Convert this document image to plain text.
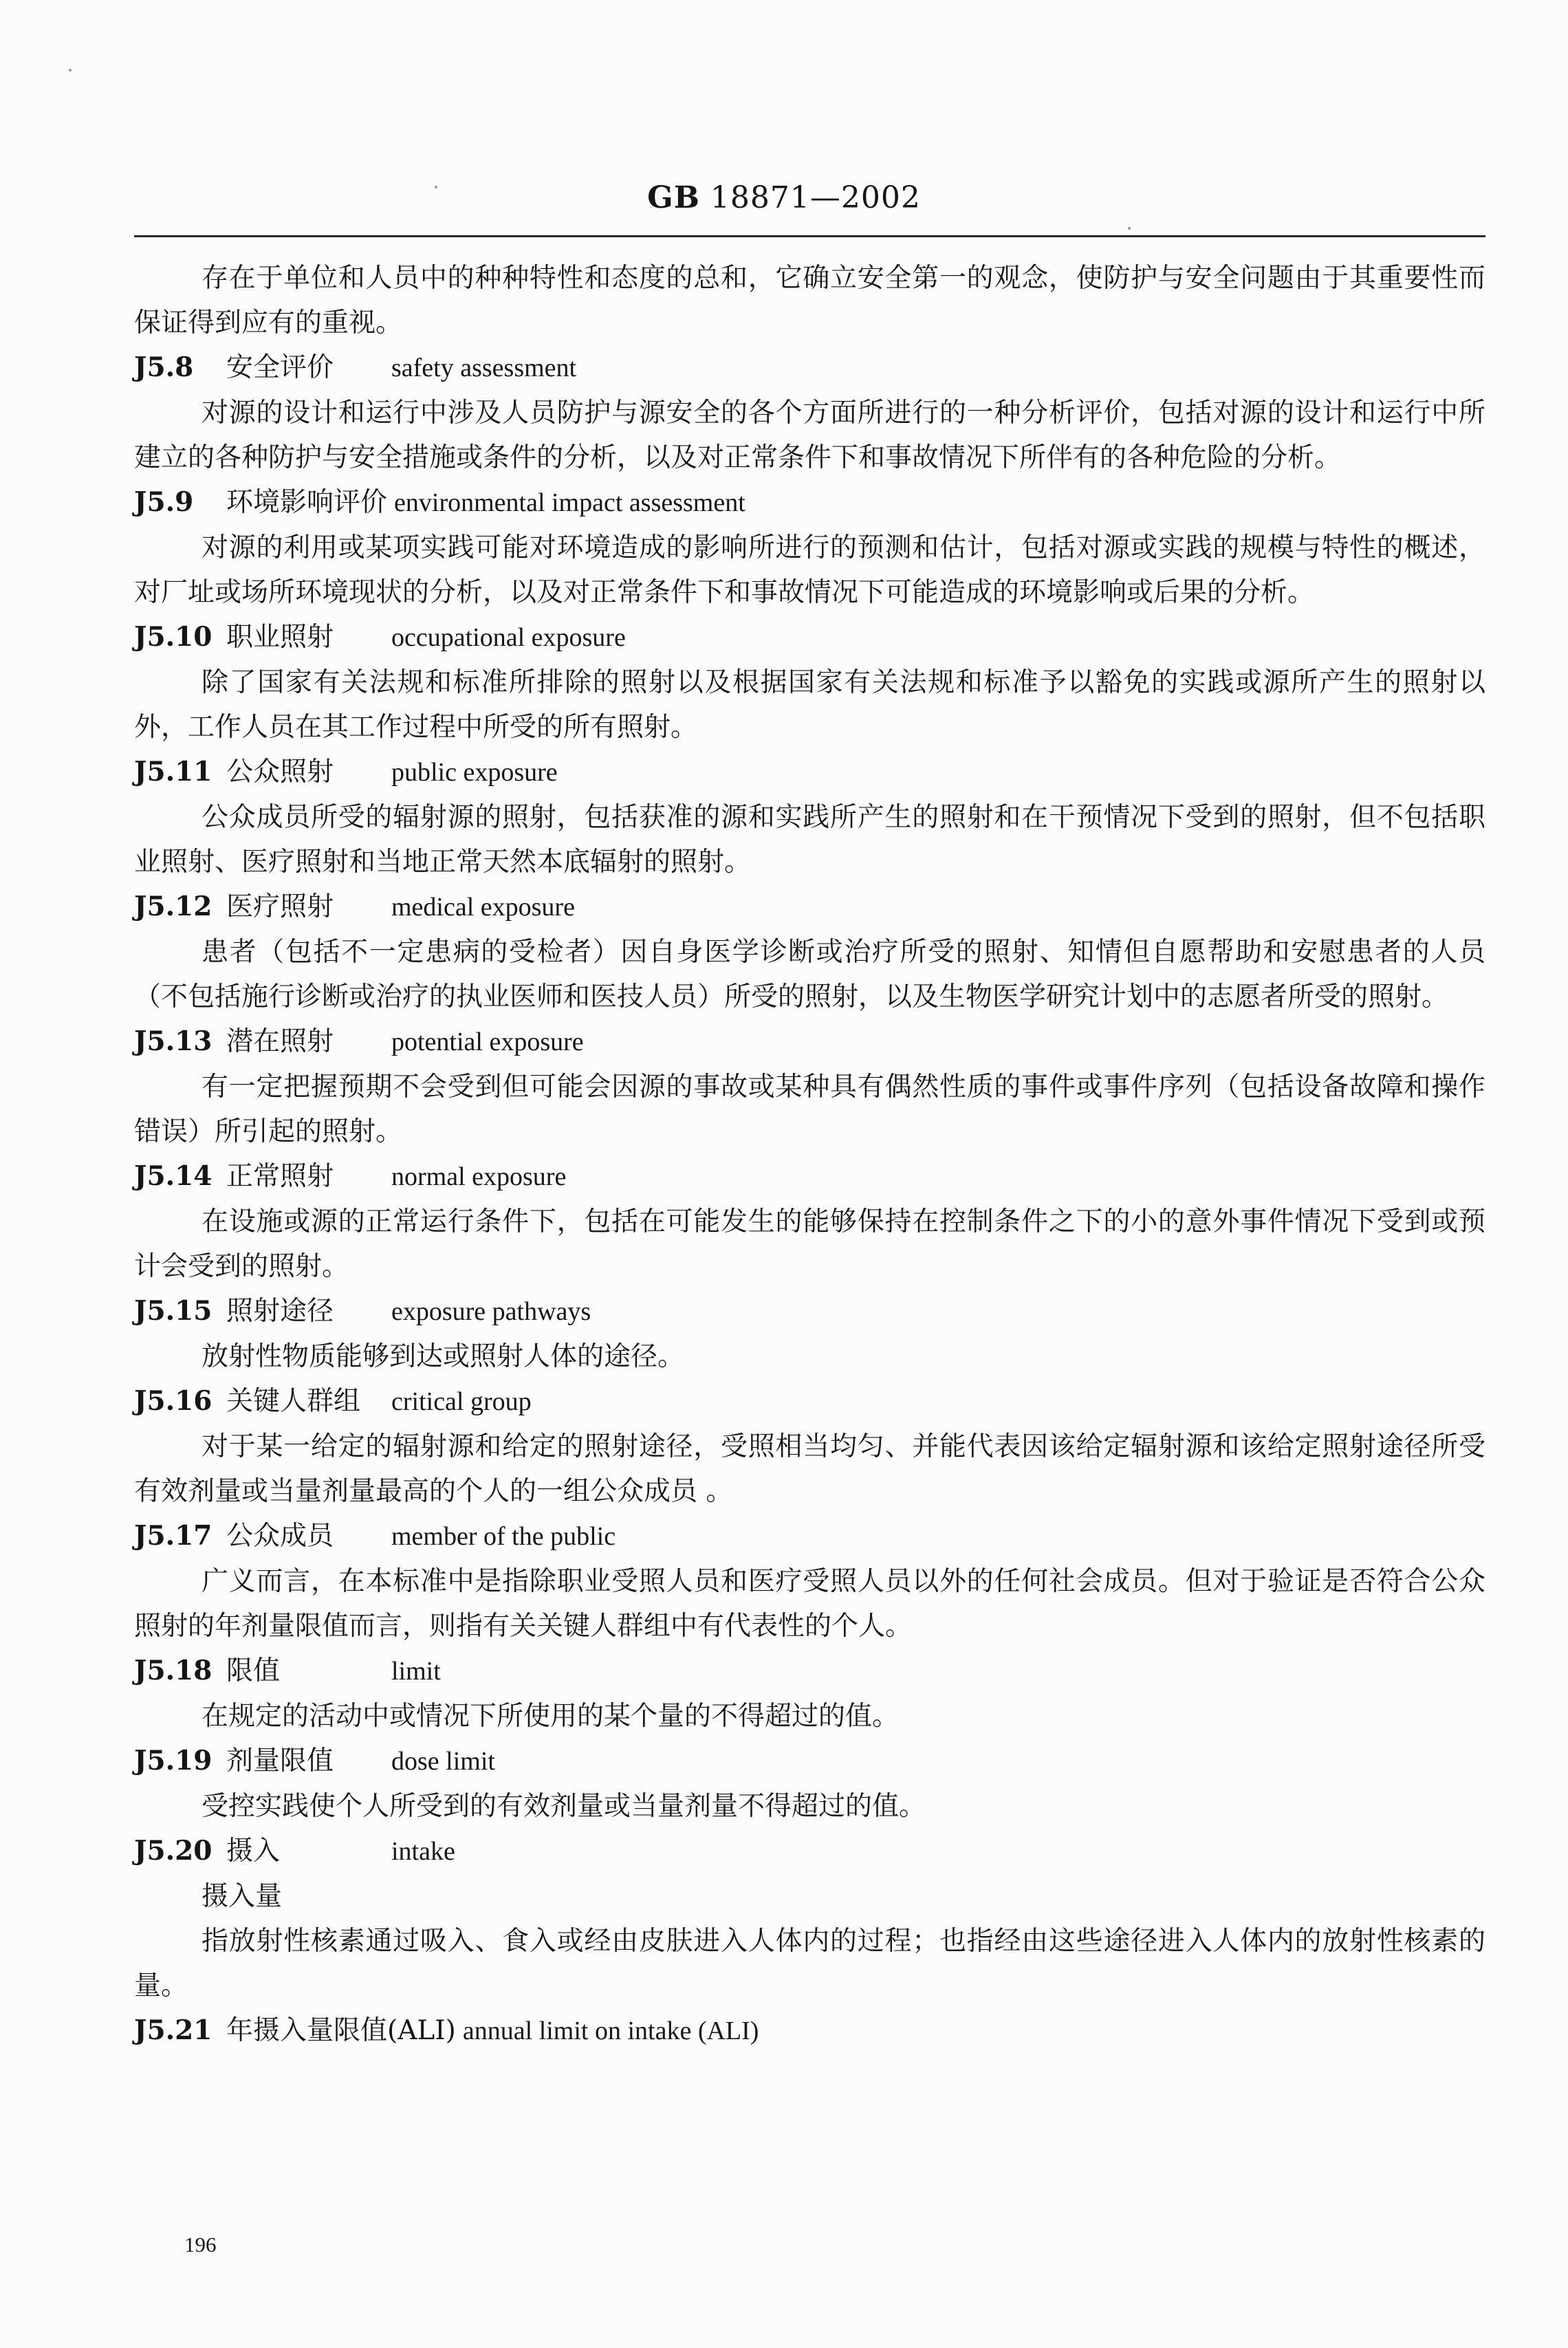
GB 18871—2002

存在于单位和人员中的种种特性和态度的总和，它确立安全第一的观念，使防护与安全问题由于其重要性而保证得到应有的重视。

J5.8 安全评价 safety assessment

对源的设计和运行中涉及人员防护与源安全的各个方面所进行的一种分析评价，包括对源的设计和运行中所建立的各种防护与安全措施或条件的分析，以及对正常条件下和事故情况下所伴有的各种危险的分析。

J5.9 环境影响评价 environmental impact assessment

对源的利用或某项实践可能对环境造成的影响所进行的预测和估计，包括对源或实践的规模与特性的概述，对厂址或场所环境现状的分析，以及对正常条件下和事故情况下可能造成的环境影响或后果的分析。

J5.10 职业照射 occupational exposure

除了国家有关法规和标准所排除的照射以及根据国家有关法规和标准予以豁免的实践或源所产生的照射以外，工作人员在其工作过程中所受的所有照射。

J5.11 公众照射 public exposure

公众成员所受的辐射源的照射，包括获准的源和实践所产生的照射和在干预情况下受到的照射，但不包括职业照射、医疗照射和当地正常天然本底辐射的照射。

J5.12 医疗照射 medical exposure

患者（包括不一定患病的受检者）因自身医学诊断或治疗所受的照射、知情但自愿帮助和安慰患者的人员（不包括施行诊断或治疗的执业医师和医技人员）所受的照射，以及生物医学研究计划中的志愿者所受的照射。

J5.13 潜在照射 potential exposure

有一定把握预期不会受到但可能会因源的事故或某种具有偶然性质的事件或事件序列（包括设备故障和操作错误）所引起的照射。

J5.14 正常照射 normal exposure

在设施或源的正常运行条件下，包括在可能发生的能够保持在控制条件之下的小的意外事件情况下受到或预计会受到的照射。

J5.15 照射途径 exposure pathways

放射性物质能够到达或照射人体的途径。

J5.16 关键人群组 critical group

对于某一给定的辐射源和给定的照射途径，受照相当均匀、并能代表因该给定辐射源和该给定照射途径所受有效剂量或当量剂量最高的个人的一组公众成员 。

J5.17 公众成员 member of the public

广义而言，在本标准中是指除职业受照人员和医疗受照人员以外的任何社会成员。但对于验证是否符合公众照射的年剂量限值而言，则指有关关键人群组中有代表性的个人。

J5.18 限值	limit

在规定的活动中或情况下所使用的某个量的不得超过的值。

J5.19 剂量限值 dose limit

受控实践使个人所受到的有效剂量或当量剂量不得超过的值。

J5.20 摄入	intake

摄入量

指放射性核素通过吸入、食入或经由皮肤进入人体内的过程；也指经由这些途径进入人体内的放射性核素的量。

J5.21 年摄入量限值(ALI) annual limit on intake (ALI)

196
